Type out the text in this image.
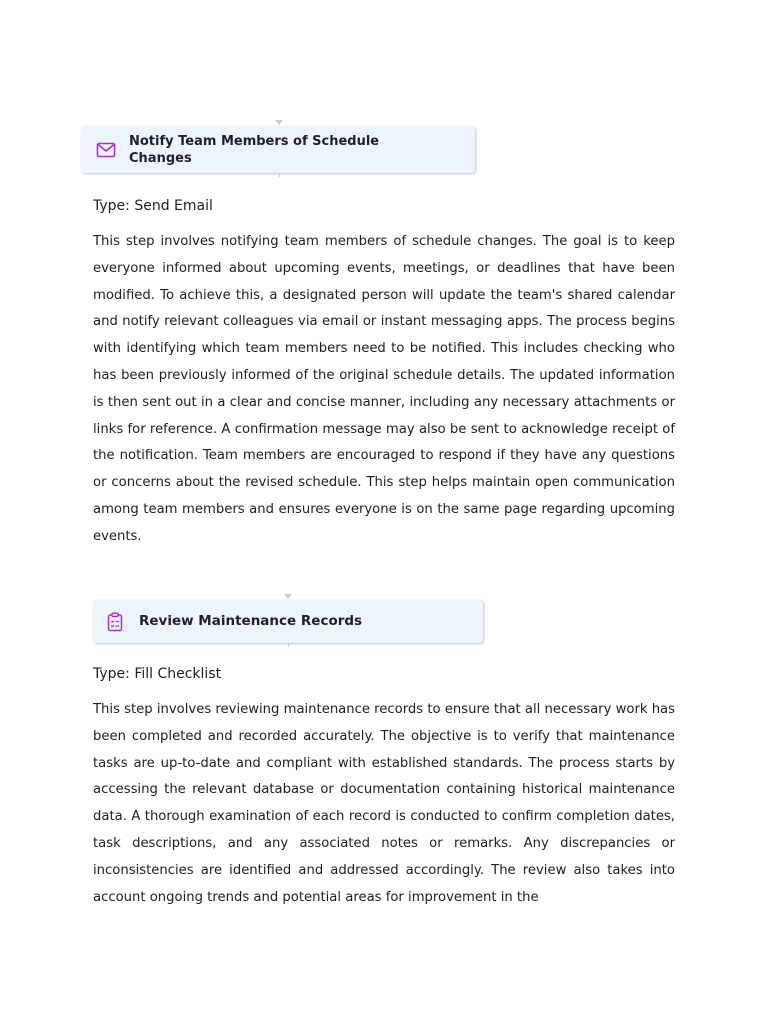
Notify Team Members of Schedule Changes
Type: Send Email

This step involves notifying team members of schedule changes. The goal is to keep everyone informed about upcoming events, meetings, or deadlines that have been modified. To achieve this, a designated person will update the team's shared calendar and notify relevant colleagues via email or instant messaging apps. The process begins with identifying which team members need to be notified. This includes checking who has been previously informed of the original schedule details. The updated information is then sent out in a clear and concise manner, including any necessary attachments or links for reference. A confirmation message may also be sent to acknowledge receipt of the notification. Team members are encouraged to respond if they have any questions or concerns about the revised schedule. This step helps maintain open communication among team members and ensures everyone is on the same page regarding upcoming events.

Review Maintenance Records
Type: Fill Checklist

This step involves reviewing maintenance records to ensure that all necessary work has been completed and recorded accurately. The objective is to verify that maintenance tasks are up-to-date and compliant with established standards. The process starts by accessing the relevant database or documentation containing historical maintenance data. A thorough examination of each record is conducted to confirm completion dates, task descriptions, and any associated notes or remarks. Any discrepancies or inconsistencies are identified and addressed accordingly. The review also takes into account ongoing trends and potential areas for improvement in the
